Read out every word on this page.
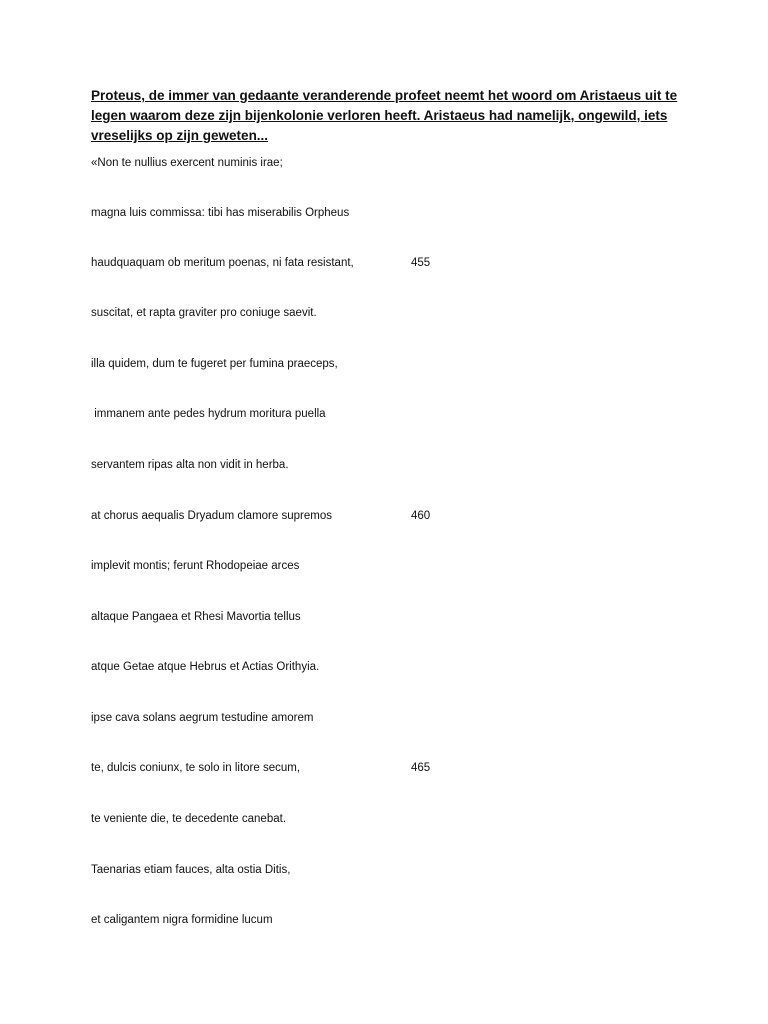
Proteus, de immer van gedaante veranderende profeet neemt het woord om Aristaeus uit te legen waarom deze zijn bijenkolonie verloren heeft. Aristaeus had namelijk, ongewild, iets vreselijks op zijn geweten...

«Non te nullius exercent numinis irae;

magna luis commissa: tibi has miserabilis Orpheus

haudquaquam ob meritum poenas, ni fata resistant,

	455

suscitat, et rapta graviter pro coniuge saevit.

illa quidem, dum te fugeret per fumina praeceps,

immanem ante pedes hydrum moritura puella

servantem ripas alta non vidit in herba.

at chorus aequalis Dryadum clamore supremos

	460

implevit montis; ferunt Rhodopeiae arces

altaque Pangaea et Rhesi Mavortia tellus

atque Getae atque Hebrus et Actias Orithyia.

ipse cava solans aegrum testudine amorem

te, dulcis coniunx, te solo in litore secum,

	465

te veniente die, te decedente canebat.

Taenarias etiam fauces, alta ostia Ditis,

et caligantem nigra formidine lucum
